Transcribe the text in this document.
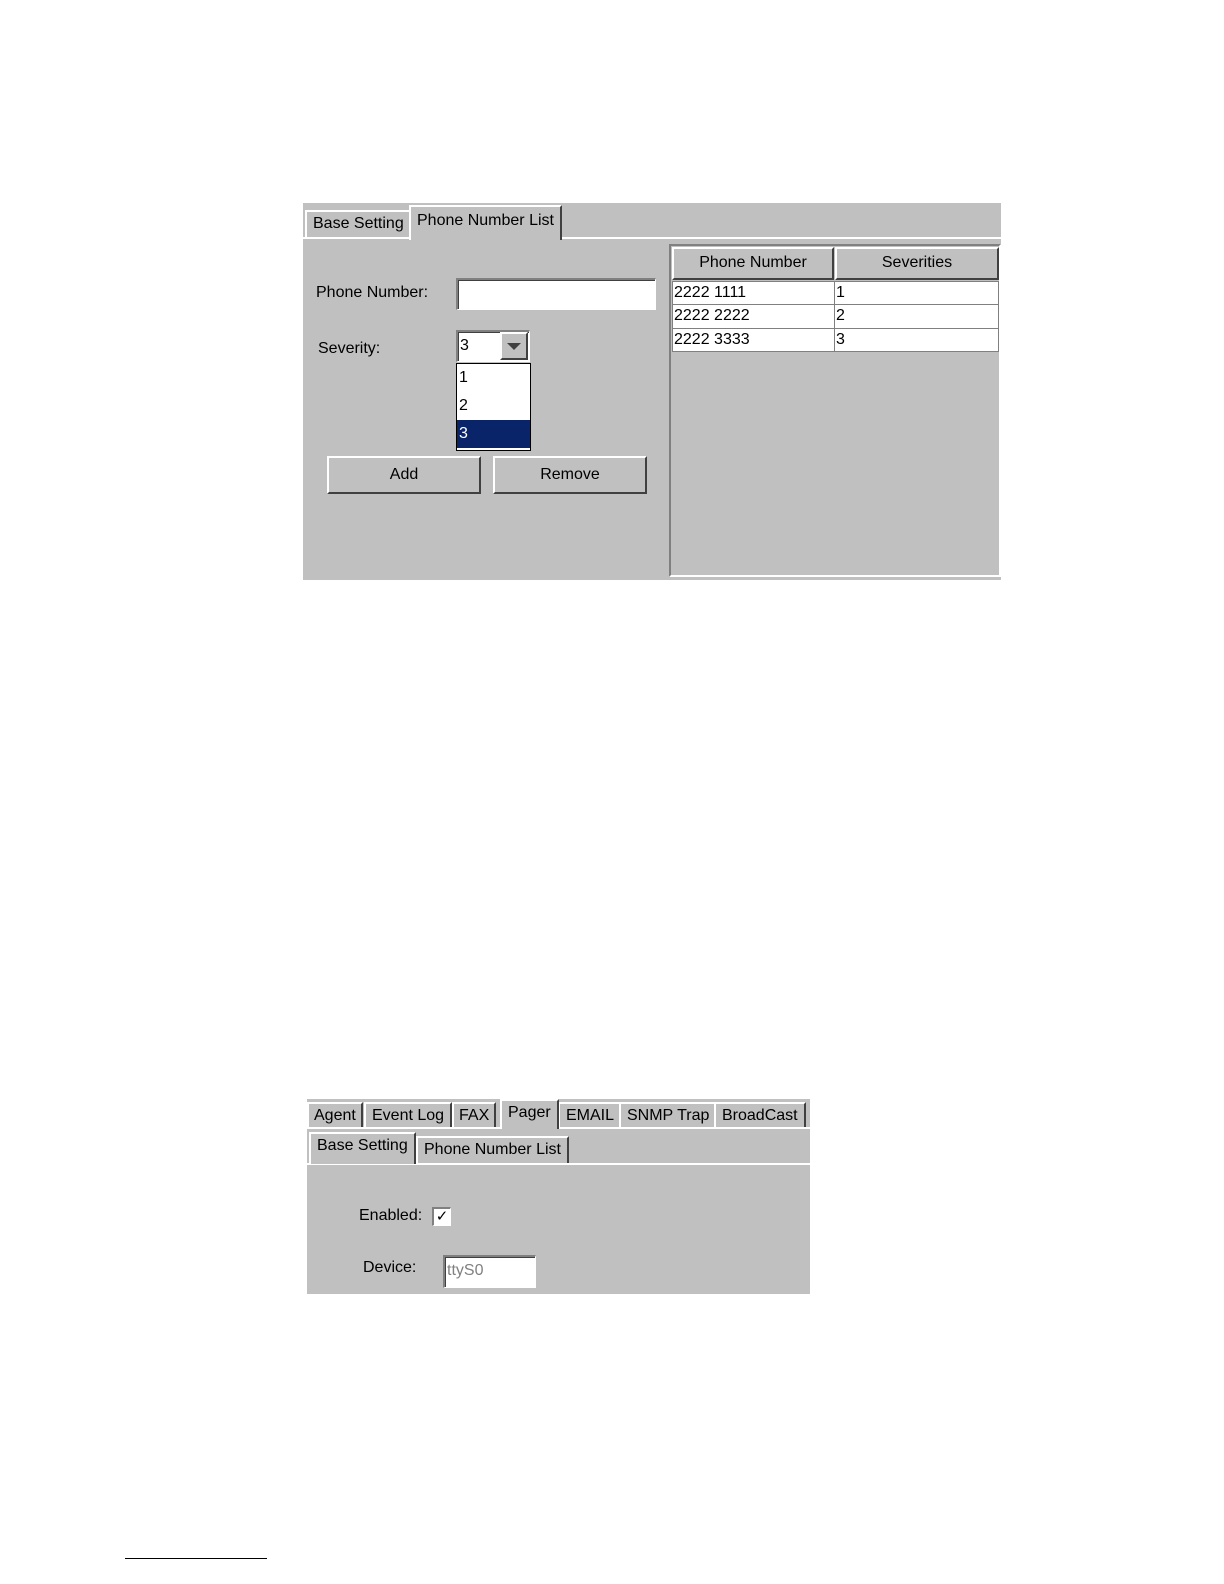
Base Setting Phone Number List
Phone Number:
Severity:	3
1
2
3
Add	Remove
Phone Number	Severities
2222 1111	1
2222 2222	2
2222 3333	3
Agent	Event Log FAX	Pager EMAIL SNMP Trap BroadCast
Base Setting	Phone Number List
Enabled: ✓
Device: ttyS0
